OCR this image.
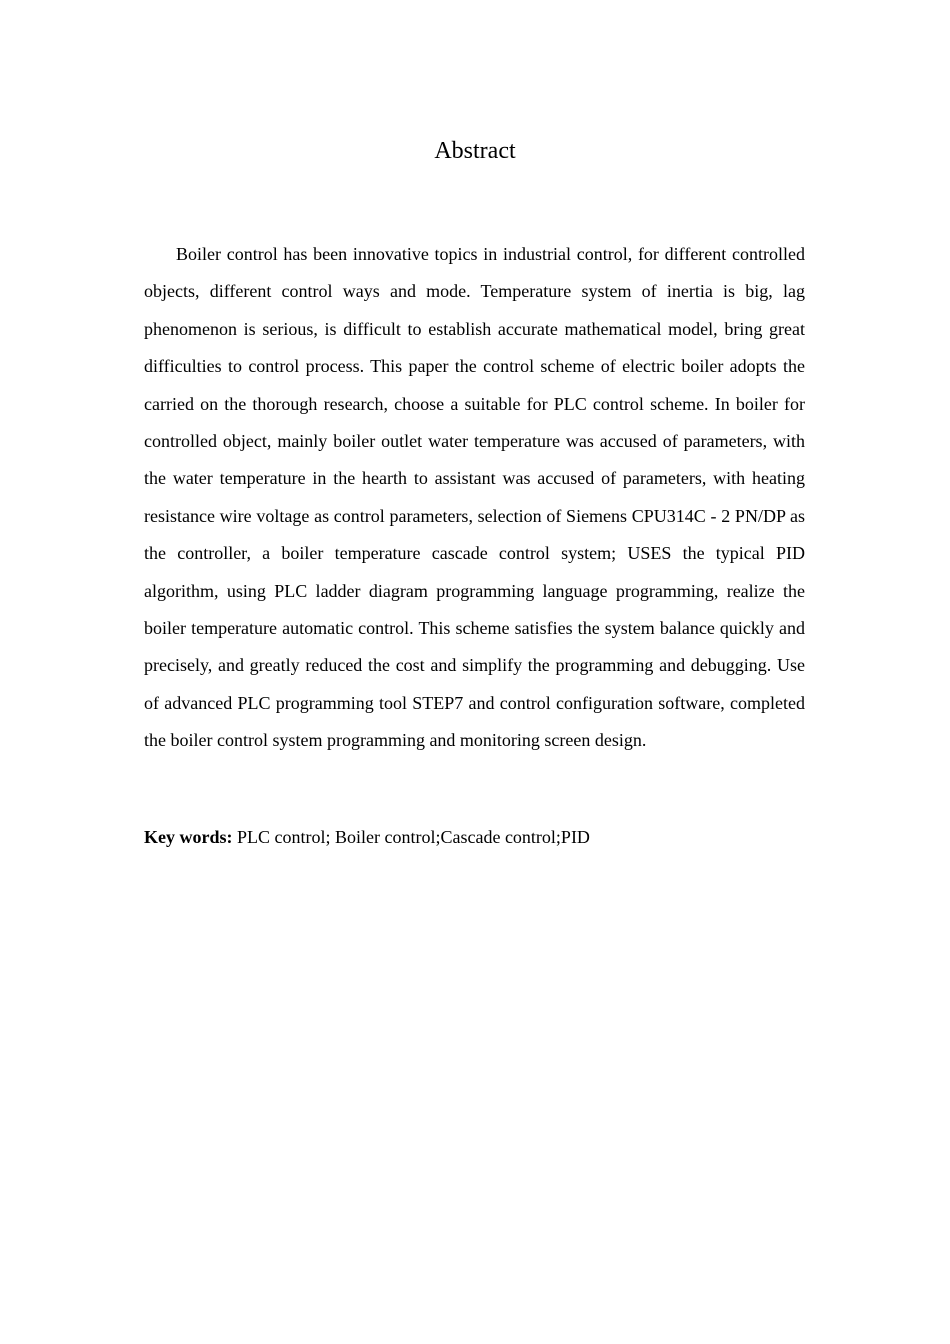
Abstract

Boiler control has been innovative topics in industrial control, for different controlled objects, different control ways and mode. Temperature system of inertia is big, lag phenomenon is serious, is difficult to establish accurate mathematical model, bring great difficulties to control process. This paper the control scheme of electric boiler adopts the carried on the thorough research, choose a suitable for PLC control scheme. In boiler for controlled object, mainly boiler outlet water temperature was accused of parameters, with the water temperature in the hearth to assistant was accused of parameters, with heating resistance wire voltage as control parameters, selection of Siemens CPU314C - 2 PN/DP as the controller, a boiler temperature cascade control system; USES the typical PID algorithm, using PLC ladder diagram programming language programming, realize the boiler temperature automatic control. This scheme satisfies the system balance quickly and precisely, and greatly reduced the cost and simplify the programming and debugging. Use of advanced PLC programming tool STEP7 and control configuration software, completed the boiler control system programming and monitoring screen design.

Key words: PLC control; Boiler control;Cascade control;PID
